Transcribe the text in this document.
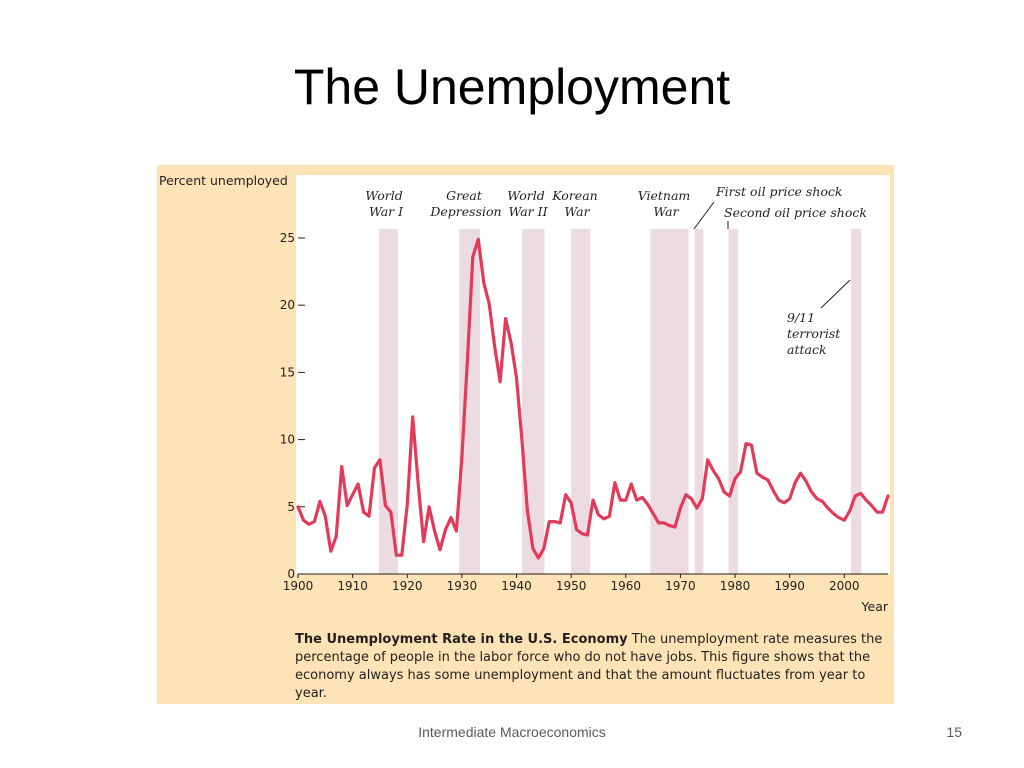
The Unemployment
0
5
10
15
20
25
1900 1910 1920 1930 1940 1950 1960 1970 1980 1990 2000
Percent unemployed
Year
World War I
Great Depression
World War II
Korean War
Vietnam War
First oil price shock
Second oil price shock
9/11 terrorist attack
The Unemployment Rate in the U.S. Economy The unemployment rate measures the percentage of people in the labor force who do not have jobs. This figure shows that the economy always has some unemployment and that the amount fluctuates from year to year.
Intermediate Macroeconomics	15
